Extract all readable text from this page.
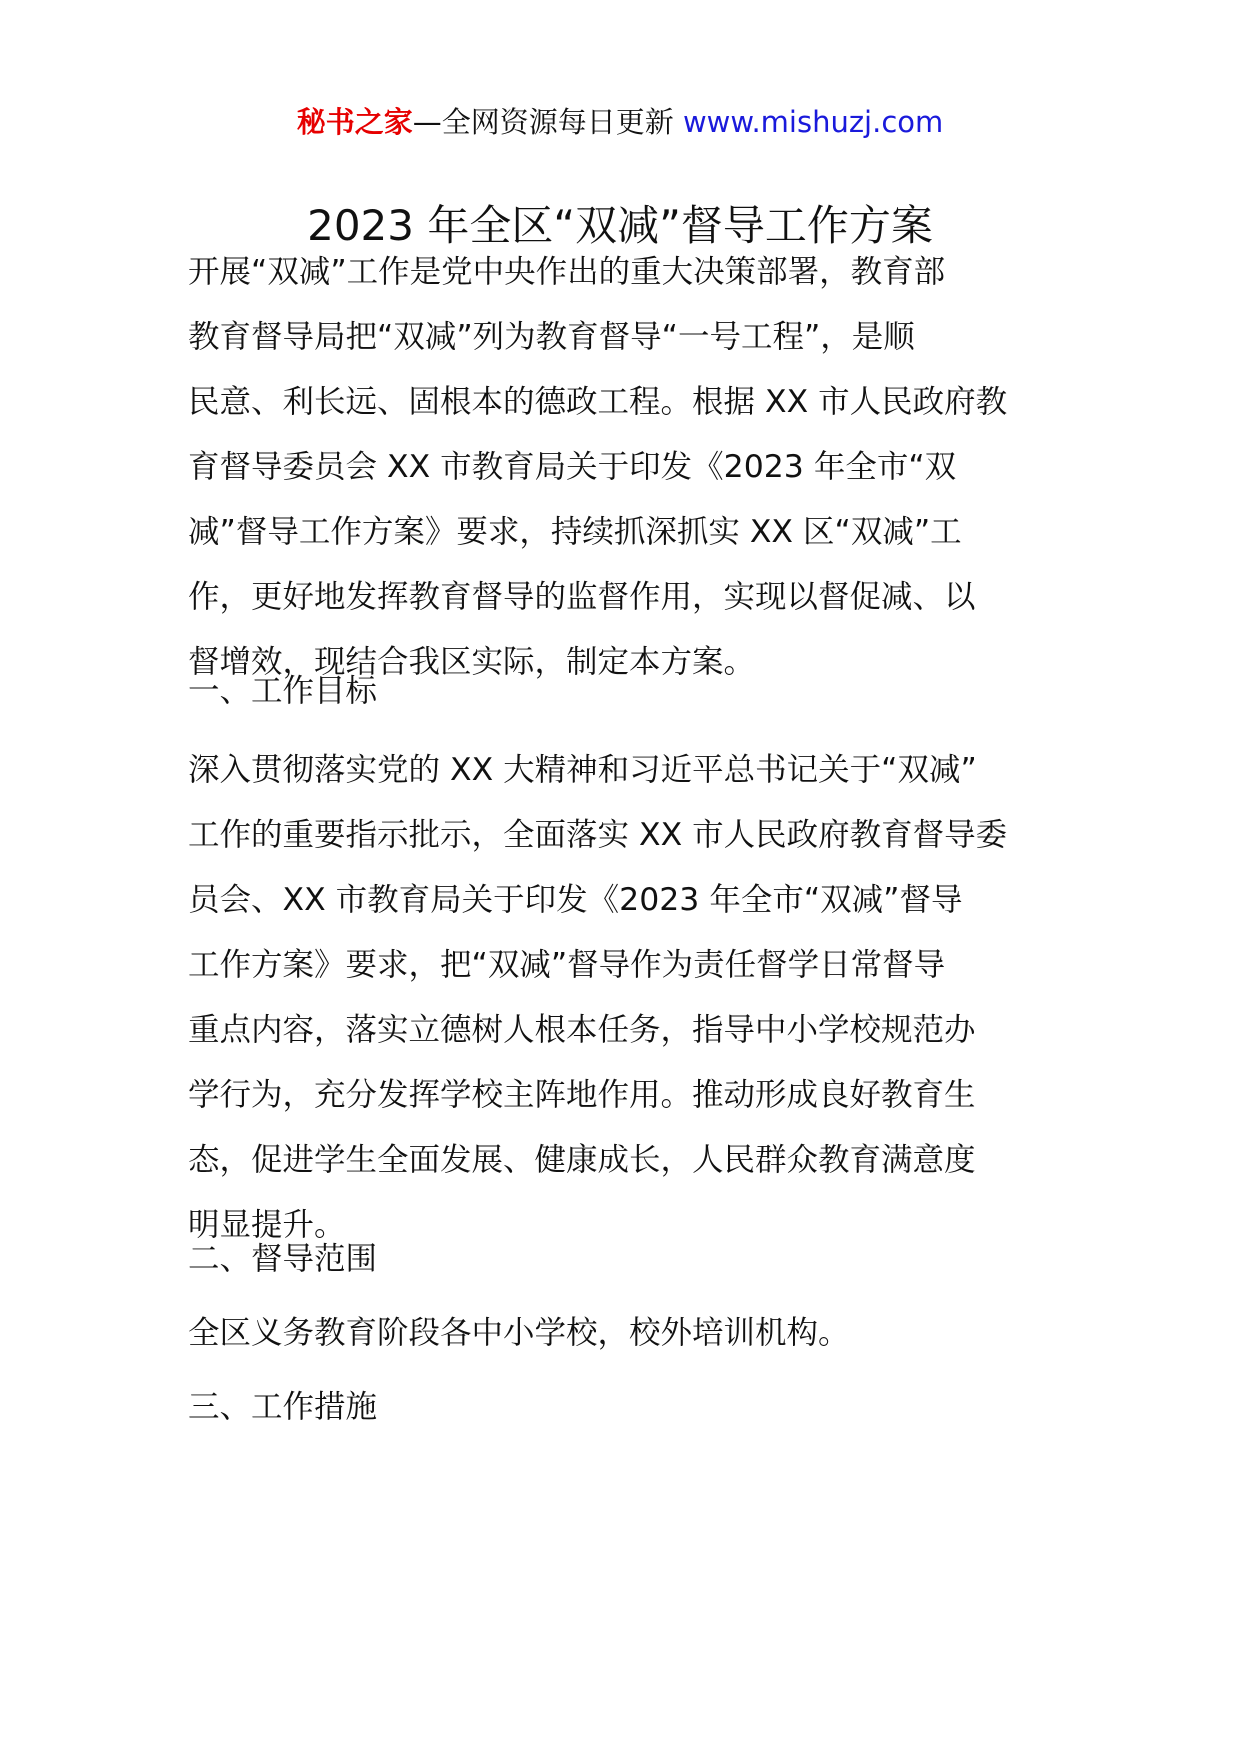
秘书之家—全网资源每日更新 www.mishuzj.com
2023 年全区“双减”督导工作方案

开展“双减”工作是党中央作出的重大决策部署，教育部
教育督导局把“双减”列为教育督导“一号工程”，是顺
民意、利长远、固根本的德政工程。根据 XX 市人民政府教
育督导委员会 XX 市教育局关于印发《2023 年全市“双
减”督导工作方案》要求，持续抓深抓实 XX 区“双减”工
作，更好地发挥教育督导的监督作用，实现以督促减、以
督增效，现结合我区实际，制定本方案。

一、工作目标

深入贯彻落实党的 XX 大精神和习近平总书记关于“双减”
工作的重要指示批示，全面落实 XX 市人民政府教育督导委
员会、XX 市教育局关于印发《2023 年全市“双减”督导
工作方案》要求，把“双减”督导作为责任督学日常督导
重点内容，落实立德树人根本任务，指导中小学校规范办
学行为，充分发挥学校主阵地作用。推动形成良好教育生
态，促进学生全面发展、健康成长，人民群众教育满意度
明显提升。

二、督导范围

全区义务教育阶段各中小学校，校外培训机构。

三、工作措施
